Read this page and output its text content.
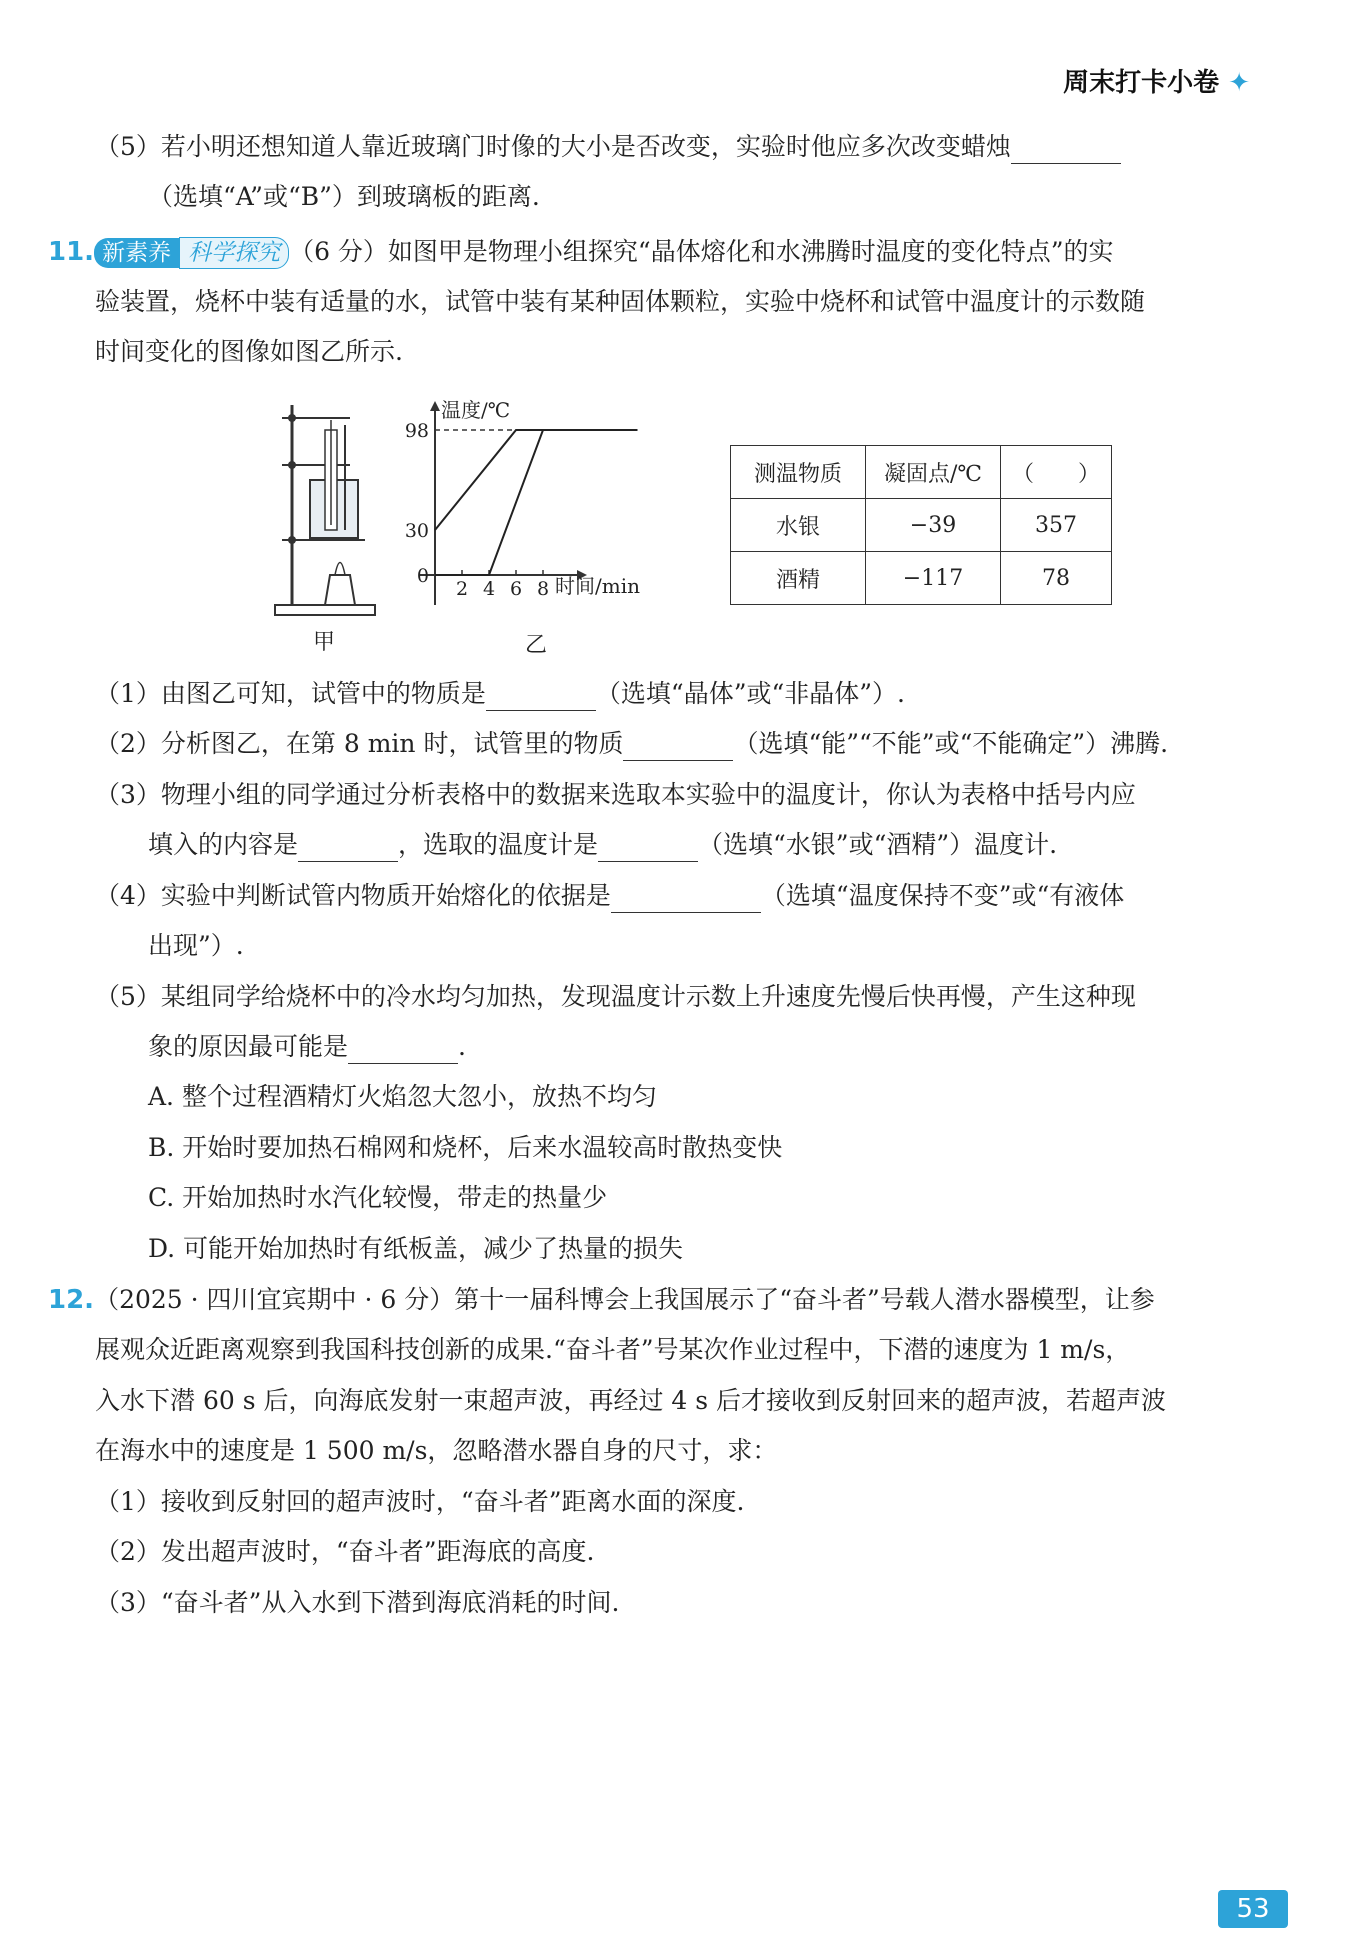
周末打卡小卷 ✦
（5）若小明还想知道人靠近玻璃门时像的大小是否改变，实验时他应多次改变蜡烛
（选填“A”或“B”）到玻璃板的距离.
11. 新素养 科学探究 （6 分）如图甲是物理小组探究“晶体熔化和水沸腾时温度的变化特点”的实
验装置，烧杯中装有适量的水，试管中装有某种固体颗粒，实验中烧杯和试管中温度计的示数随
时间变化的图像如图乙所示.
甲
温度/℃
时间/min
98
30
0
2 4 6 8
乙
测温物质	凝固点/℃	（　　）
水银	−39	357
酒精	−117	78
（1）由图乙可知，试管中的物质是	（选填“晶体”或“非晶体”）.
（2）分析图乙，在第 8 min 时，试管里的物质	（选填“能”“不能”或“不能确定”）沸腾.
（3）物理小组的同学通过分析表格中的数据来选取本实验中的温度计，你认为表格中括号内应
填入的内容是	，选取的温度计是	（选填“水银”或“酒精”）温度计.
（4）实验中判断试管内物质开始熔化的依据是	（选填“温度保持不变”或“有液体
出现”）.
（5）某组同学给烧杯中的冷水均匀加热，发现温度计示数上升速度先慢后快再慢，产生这种现
象的原因最可能是	.
A. 整个过程酒精灯火焰忽大忽小，放热不均匀
B. 开始时要加热石棉网和烧杯，后来水温较高时散热变快
C. 开始加热时水汽化较慢，带走的热量少
D. 可能开始加热时有纸板盖，减少了热量的损失
12.（2025 · 四川宜宾期中 · 6 分）第十一届科博会上我国展示了“奋斗者”号载人潜水器模型，让参
展观众近距离观察到我国科技创新的成果.“奋斗者”号某次作业过程中，下潜的速度为 1 m/s，
入水下潜 60 s 后，向海底发射一束超声波，再经过 4 s 后才接收到反射回来的超声波，若超声波
在海水中的速度是 1 500 m/s，忽略潜水器自身的尺寸，求：
（1）接收到反射回的超声波时，“奋斗者”距离水面的深度.
（2）发出超声波时，“奋斗者”距海底的高度.
（3）“奋斗者”从入水到下潜到海底消耗的时间.
53
